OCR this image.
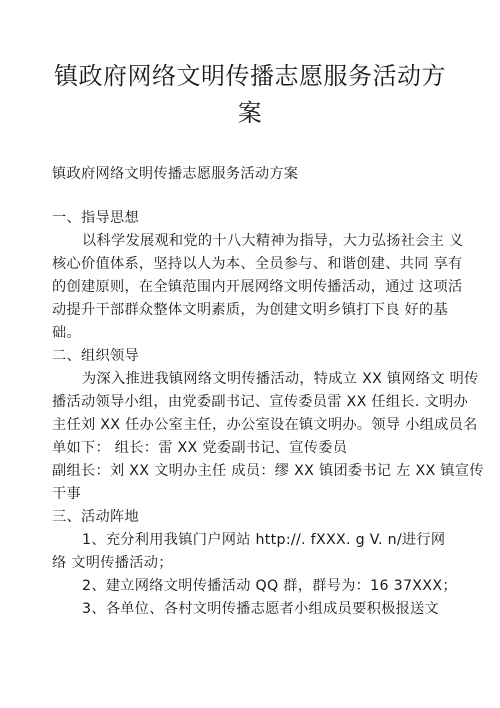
镇政府网络文明传播志愿服务活动方
案
镇政府网络文明传播志愿服务活动方案
一、指导思想
以科学发展观和党的十八大精神为指导，大力弘扬社会主 义
核心价值体系，坚持以人为本、全员参与、和谐创建、共同 享有
的创建原则，在全镇范围内开展网络文明传播活动，通过 这项活
动提升干部群众整体文明素质，为创建文明乡镇打下良 好的基
础。
二、组织领导
为深入推进我镇网络文明传播活动，特成立 XX 镇网络文 明传
播活动领导小组，由党委副书记、宣传委员雷 XX 任组长. 文明办
主任刘 XX 任办公室主任，办公室设在镇文明办。领导 小组成员名
单如下： 组长：雷 XX 党委副书记、宣传委员
副组长：刘 XX 文明办主任 成员：缪 XX 镇团委书记 左 XX 镇宣传
干事
三、活动阵地
1、充分利用我镇门户网站 http://. fXXX. g V. n/进行网
络 文明传播活动；
2、建立网络文明传播活动 QQ 群，群号为：16 37XXX；
3、各单位、各村文明传播志愿者小组成员要积极报送文
